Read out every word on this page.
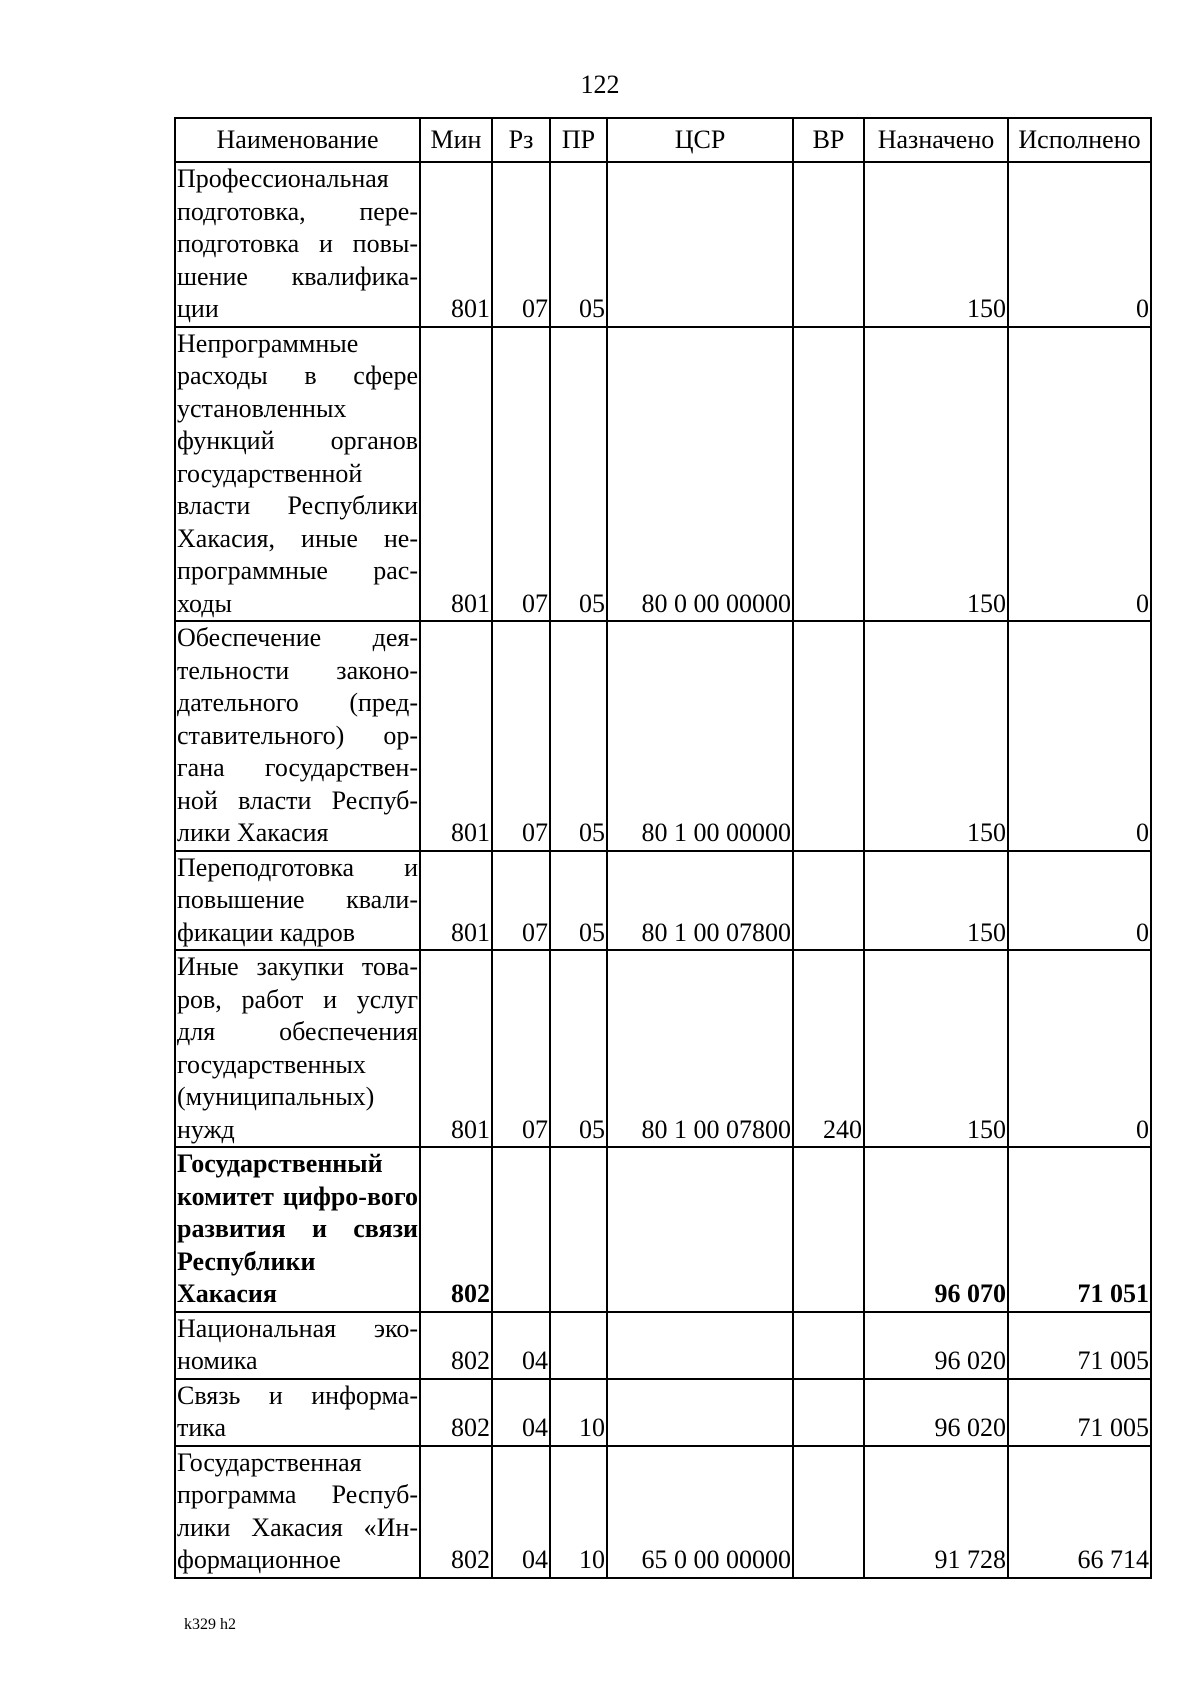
122
Наименование	Мин	Рз	ПР	ЦСР	ВР	Назначено	Исполнено
Профессиональная подготовка, пере-подготовка и повы-шение квалифика-ции	801	07	05			150	0
Непрограммные расходы в сфере установленных функций органов государственной власти Республики Хакасия, иные не-программные рас-ходы	801	07	05	80 0 00 00000		150	0
Обеспечение дея-тельности законо-дательного (пред-ставительного) ор-гана государствен-ной власти Респуб-лики Хакасия	801	07	05	80 1 00 00000		150	0
Переподготовка и повышение квали-фикации кадров	801	07	05	80 1 00 07800		150	0
Иные закупки това-ров, работ и услуг для обеспечения государственных (муниципальных) нужд	801	07	05	80 1 00 07800	240	150	0
Государственный комитет цифро-вого развития и связи Республики Хакасия	802					96 070	71 051
Национальная эко-номика	802	04				96 020	71 005
Связь и информа-тика	802	04	10			96 020	71 005
Государственная программа Респуб-лики Хакасия «Ин-формационное	802	04	10	65 0 00 00000		91 728	66 714
k329 h2
